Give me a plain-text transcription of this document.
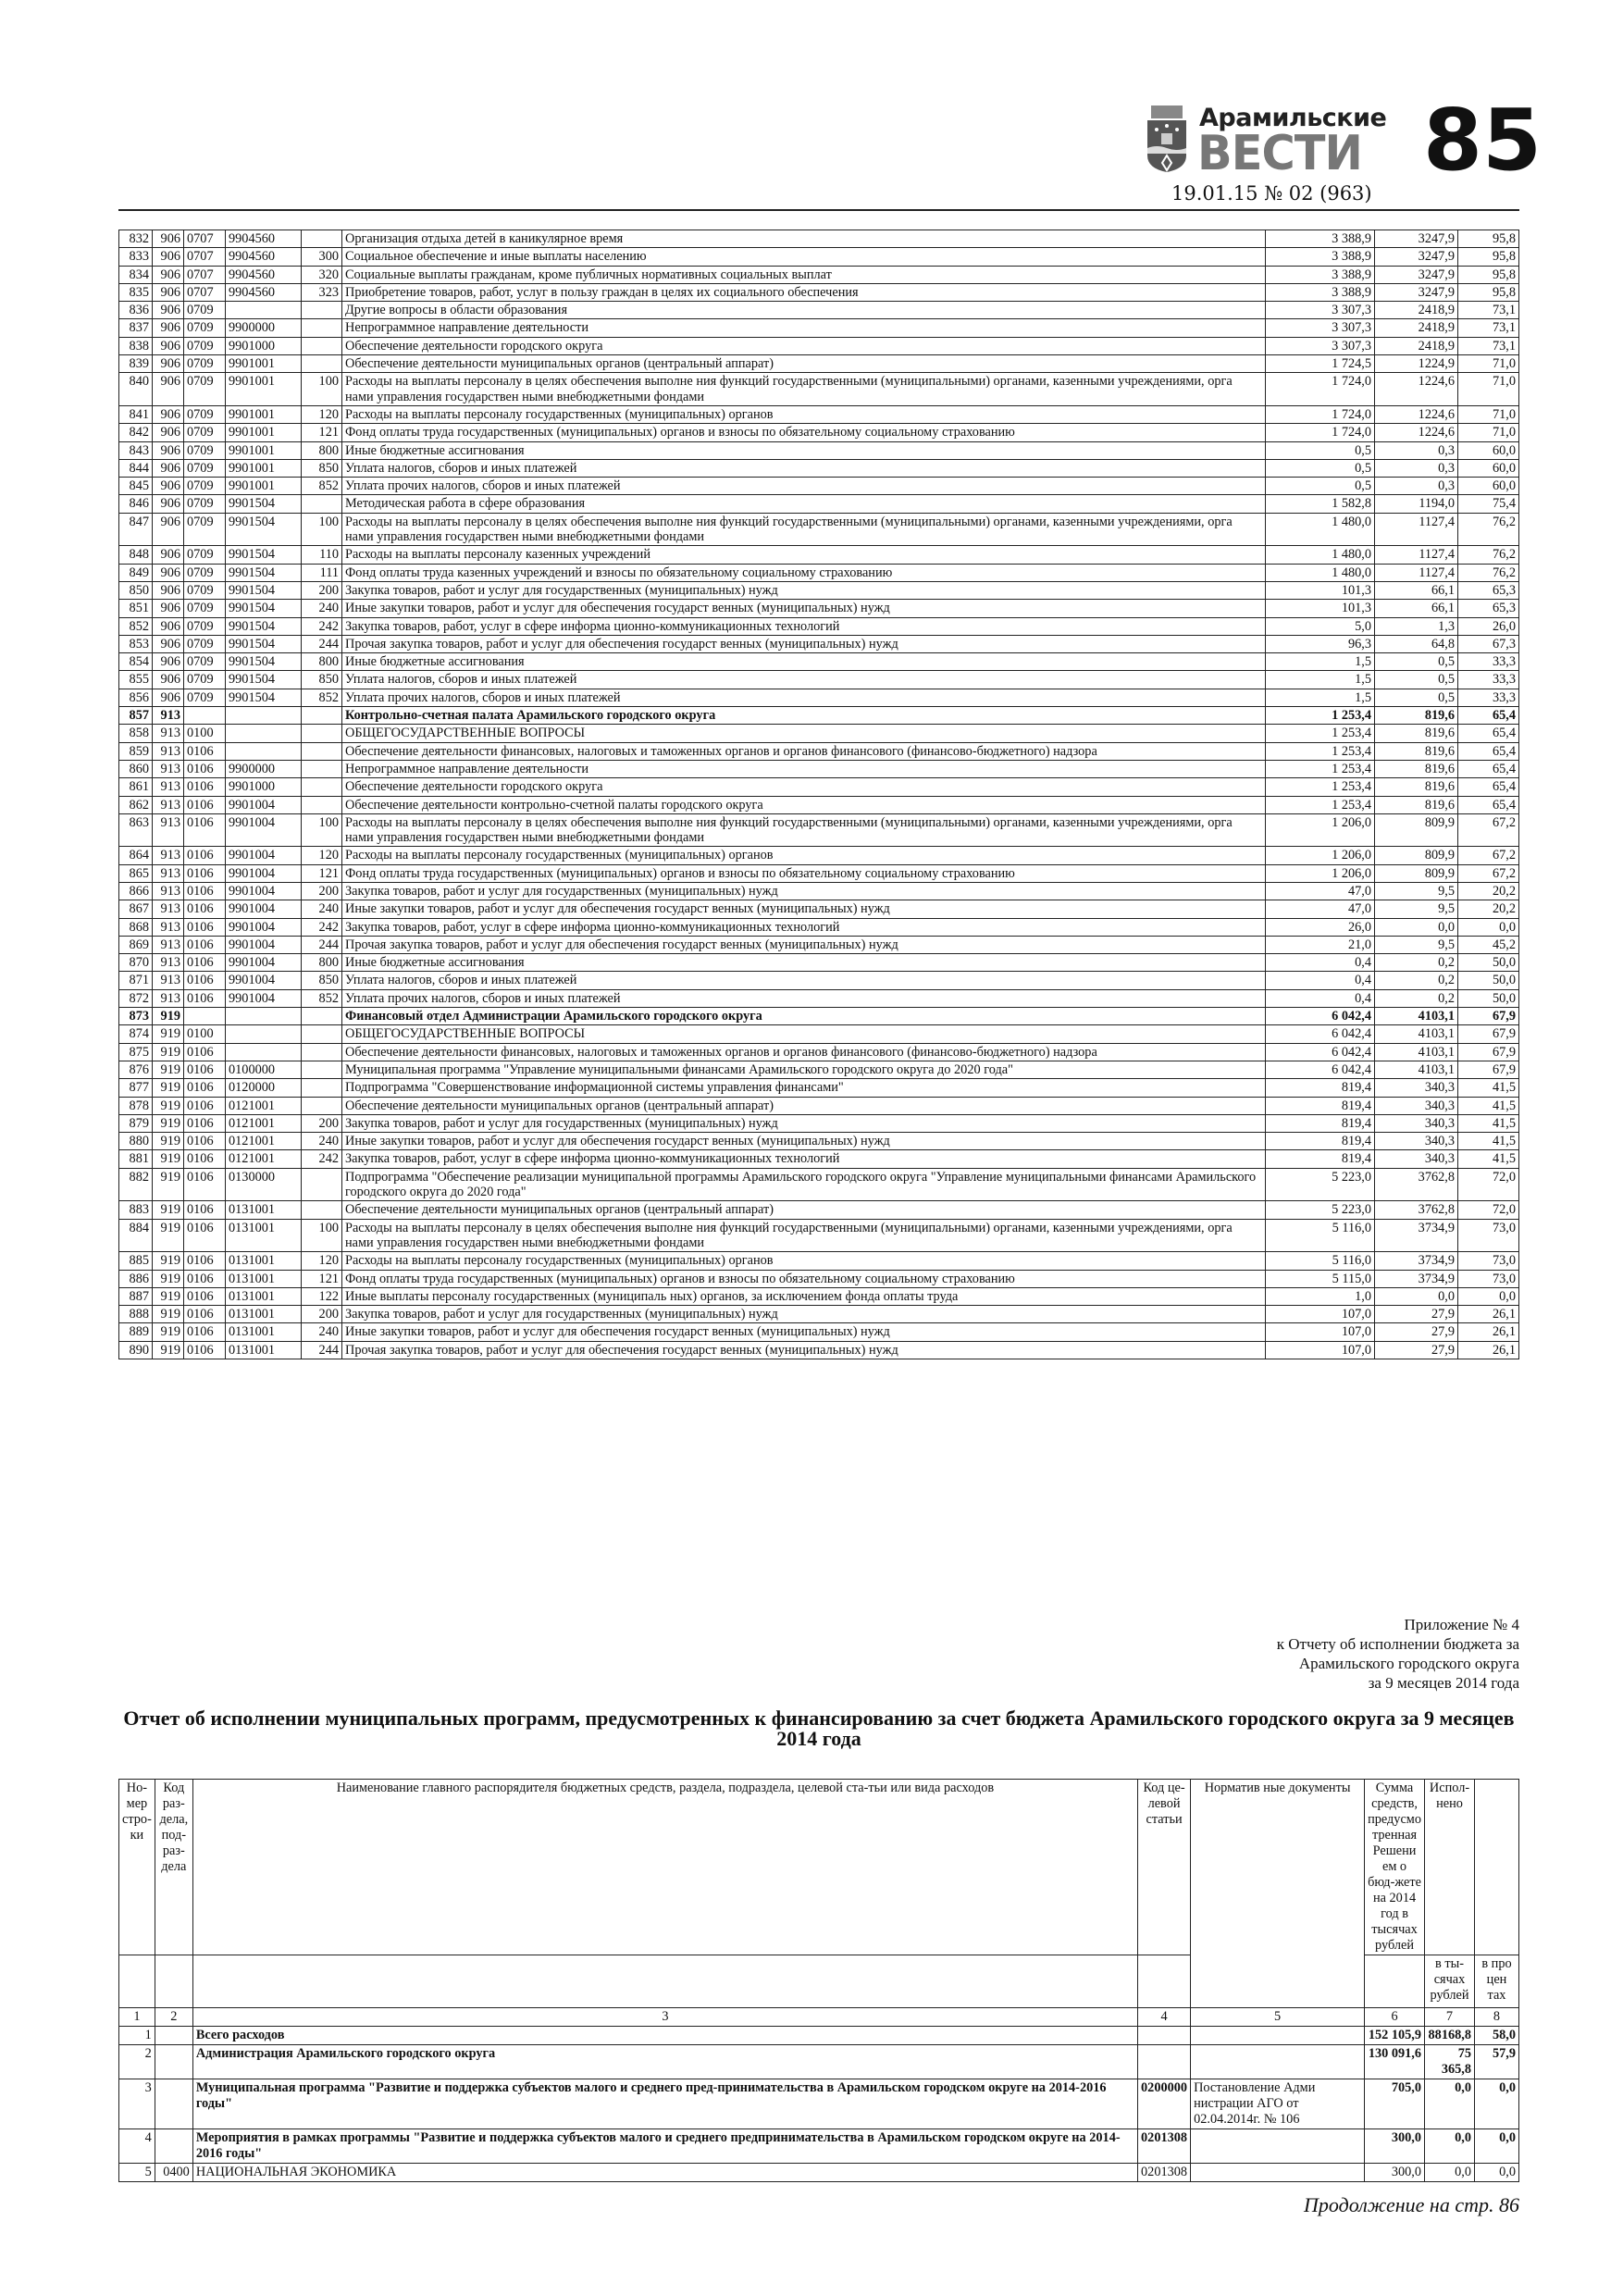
Арамильские
ВЕСТИ 85
19.01.15 № 02 (963)
832	906	0707	9904560		Организация отдыха детей в каникулярное время	3 388,9	3247,9	95,8
833	906	0707	9904560	300	Социальное обеспечение и иные выплаты населению	3 388,9	3247,9	95,8
834	906	0707	9904560	320	Социальные выплаты гражданам, кроме публичных нормативных социальных выплат	3 388,9	3247,9	95,8
835	906	0707	9904560	323	Приобретение товаров, работ, услуг в пользу граждан в целях их социального обеспечения	3 388,9	3247,9	95,8
836	906	0709			Другие вопросы в области образования	3 307,3	2418,9	73,1
837	906	0709	9900000		Непрограммное направление деятельности	3 307,3	2418,9	73,1
838	906	0709	9901000		Обеспечение деятельности городского округа	3 307,3	2418,9	73,1
839	906	0709	9901001		Обеспечение деятельности муниципальных органов (центральный аппарат)	1 724,5	1224,9	71,0
840	906	0709	9901001	100	Расходы на выплаты персоналу в целях обеспечения выполне ния функций государственными (муниципальными) органами, казенными учреждениями, орга нами управления государствен ными внебюджетными фондами	1 724,0	1224,6	71,0
841	906	0709	9901001	120	Расходы на выплаты персоналу государственных (муниципальных) органов	1 724,0	1224,6	71,0
842	906	0709	9901001	121	Фонд оплаты труда государственных (муниципальных) органов и взносы по обязательному социальному страхованию	1 724,0	1224,6	71,0
843	906	0709	9901001	800	Иные бюджетные ассигнования	0,5	0,3	60,0
844	906	0709	9901001	850	Уплата налогов, сборов и иных платежей	0,5	0,3	60,0
845	906	0709	9901001	852	Уплата прочих налогов, сборов и иных платежей	0,5	0,3	60,0
846	906	0709	9901504		Методическая работа в сфере образования	1 582,8	1194,0	75,4
847	906	0709	9901504	100	Расходы на выплаты персоналу в целях обеспечения выполне ния функций государственными (муниципальными) органами, казенными учреждениями, орга нами управления государствен ными внебюджетными фондами	1 480,0	1127,4	76,2
848	906	0709	9901504	110	Расходы на выплаты персоналу казенных учреждений	1 480,0	1127,4	76,2
849	906	0709	9901504	111	Фонд оплаты труда казенных учреждений и взносы по обязательному социальному страхованию	1 480,0	1127,4	76,2
850	906	0709	9901504	200	Закупка товаров, работ и услуг для государственных (муниципальных) нужд	101,3	66,1	65,3
851	906	0709	9901504	240	Иные закупки товаров, работ и услуг для обеспечения государст венных (муниципальных) нужд	101,3	66,1	65,3
852	906	0709	9901504	242	Закупка товаров, работ, услуг в сфере информа ционно-коммуникационных технологий	5,0	1,3	26,0
853	906	0709	9901504	244	Прочая закупка товаров, работ и услуг для обеспечения государст венных (муниципальных) нужд	96,3	64,8	67,3
854	906	0709	9901504	800	Иные бюджетные ассигнования	1,5	0,5	33,3
855	906	0709	9901504	850	Уплата налогов, сборов и иных платежей	1,5	0,5	33,3
856	906	0709	9901504	852	Уплата прочих налогов, сборов и иных платежей	1,5	0,5	33,3
857	913				Контрольно-счетная палата Арамильского городского округа	1 253,4	819,6	65,4
858	913	0100			ОБЩЕГОСУДАРСТВЕННЫЕ ВОПРОСЫ	1 253,4	819,6	65,4
859	913	0106			Обеспечение деятельности финансовых, налоговых и таможенных органов и органов финансового (финансово-бюджетного) надзора	1 253,4	819,6	65,4
860	913	0106	9900000		Непрограммное направление деятельности	1 253,4	819,6	65,4
861	913	0106	9901000		Обеспечение деятельности городского округа	1 253,4	819,6	65,4
862	913	0106	9901004		Обеспечение деятельности контрольно-счетной палаты городского округа	1 253,4	819,6	65,4
863	913	0106	9901004	100	Расходы на выплаты персоналу в целях обеспечения выполне ния функций государственными (муниципальными) органами, казенными учреждениями, орга нами управления государствен ными внебюджетными фондами	1 206,0	809,9	67,2
864	913	0106	9901004	120	Расходы на выплаты персоналу государственных (муниципальных) органов	1 206,0	809,9	67,2
865	913	0106	9901004	121	Фонд оплаты труда государственных (муниципальных) органов и взносы по обязательному социальному страхованию	1 206,0	809,9	67,2
866	913	0106	9901004	200	Закупка товаров, работ и услуг для государственных (муниципальных) нужд	47,0	9,5	20,2
867	913	0106	9901004	240	Иные закупки товаров, работ и услуг для обеспечения государст венных (муниципальных) нужд	47,0	9,5	20,2
868	913	0106	9901004	242	Закупка товаров, работ, услуг в сфере информа ционно-коммуникационных технологий	26,0	0,0	0,0
869	913	0106	9901004	244	Прочая закупка товаров, работ и услуг для обеспечения государст венных (муниципальных) нужд	21,0	9,5	45,2
870	913	0106	9901004	800	Иные бюджетные ассигнования	0,4	0,2	50,0
871	913	0106	9901004	850	Уплата налогов, сборов и иных платежей	0,4	0,2	50,0
872	913	0106	9901004	852	Уплата прочих налогов, сборов и иных платежей	0,4	0,2	50,0
873	919				Финансовый отдел Администрации Арамильского городского округа	6 042,4	4103,1	67,9
874	919	0100			ОБЩЕГОСУДАРСТВЕННЫЕ ВОПРОСЫ	6 042,4	4103,1	67,9
875	919	0106			Обеспечение деятельности финансовых, налоговых и таможенных органов и органов финансового (финансово-бюджетного) надзора	6 042,4	4103,1	67,9
876	919	0106	0100000		Муниципальная программа "Управление муниципальными финансами Арамильского городского округа до 2020 года"	6 042,4	4103,1	67,9
877	919	0106	0120000		Подпрограмма "Совершенствование информационной системы управления финансами"	819,4	340,3	41,5
878	919	0106	0121001		Обеспечение деятельности муниципальных органов (центральный аппарат)	819,4	340,3	41,5
879	919	0106	0121001	200	Закупка товаров, работ и услуг для государственных (муниципальных) нужд	819,4	340,3	41,5
880	919	0106	0121001	240	Иные закупки товаров, работ и услуг для обеспечения государст венных (муниципальных) нужд	819,4	340,3	41,5
881	919	0106	0121001	242	Закупка товаров, работ, услуг в сфере информа ционно-коммуникационных технологий	819,4	340,3	41,5
882	919	0106	0130000		Подпрограмма "Обеспечение реализации муниципальной программы Арамильского городского округа "Управление муниципальными финансами Арамильского городского округа до 2020 года"	5 223,0	3762,8	72,0
883	919	0106	0131001		Обеспечение деятельности муниципальных органов (центральный аппарат)	5 223,0	3762,8	72,0
884	919	0106	0131001	100	Расходы на выплаты персоналу в целях обеспечения выполне ния функций государственными (муниципальными) органами, казенными учреждениями, орга нами управления государствен ными внебюджетными фондами	5 116,0	3734,9	73,0
885	919	0106	0131001	120	Расходы на выплаты персоналу государственных (муниципальных) органов	5 116,0	3734,9	73,0
886	919	0106	0131001	121	Фонд оплаты труда государственных (муниципальных) органов и взносы по обязательному социальному страхованию	5 115,0	3734,9	73,0
887	919	0106	0131001	122	Иные выплаты персоналу государственных (муниципаль ных) органов, за исключением фонда оплаты труда	1,0	0,0	0,0
888	919	0106	0131001	200	Закупка товаров, работ и услуг для государственных (муниципальных) нужд	107,0	27,9	26,1
889	919	0106	0131001	240	Иные закупки товаров, работ и услуг для обеспечения государст венных (муниципальных) нужд	107,0	27,9	26,1
890	919	0106	0131001	244	Прочая закупка товаров, работ и услуг для обеспечения государст венных (муниципальных) нужд	107,0	27,9	26,1
Приложение № 4
к Отчету об исполнении бюджета за
Арамильского городского округа
за 9 месяцев 2014 года
Отчет об исполнении муниципальных программ, предусмотренных к финансированию за счет бюджета Арамильского городского округа за 9 месяцев 2014 года
Но-мер стро-ки	Код раз-дела, под-раз-дела	Наименование главного распорядителя бюджетных средств, раздела, подраздела, целевой ста-тьи или вида расходов	Код це-левой статьи	Норматив ные документы	Сумма средств, предусмо тренная Решени ем о бюд-жете на 2014 год в тысячах рублей	Испол-нено	
						в ты-сячах рублей	в про цен тах
1	2	3	4	5	6	7	8
1		Всего расходов			152 105,9	88168,8	58,0
2		Администрация Арамильского городского округа			130 091,6	75 365,8	57,9
3		Муниципальная программа "Развитие и поддержка субъектов малого и среднего пред-принимательства в Арамильском городском округе на 2014-2016 годы"	0200000	Постановление Адми нистрации АГО от 02.04.2014г. № 106	705,0	0,0	0,0
4		Мероприятия в рамках программы "Развитие и поддержка субъектов малого и среднего предпринимательства в Арамильском городском округе на 2014-2016 годы"	0201308		300,0	0,0	0,0
5	0400	НАЦИОНАЛЬНАЯ ЭКОНОМИКА	0201308		300,0	0,0	0,0
Продолжение на стр. 86
